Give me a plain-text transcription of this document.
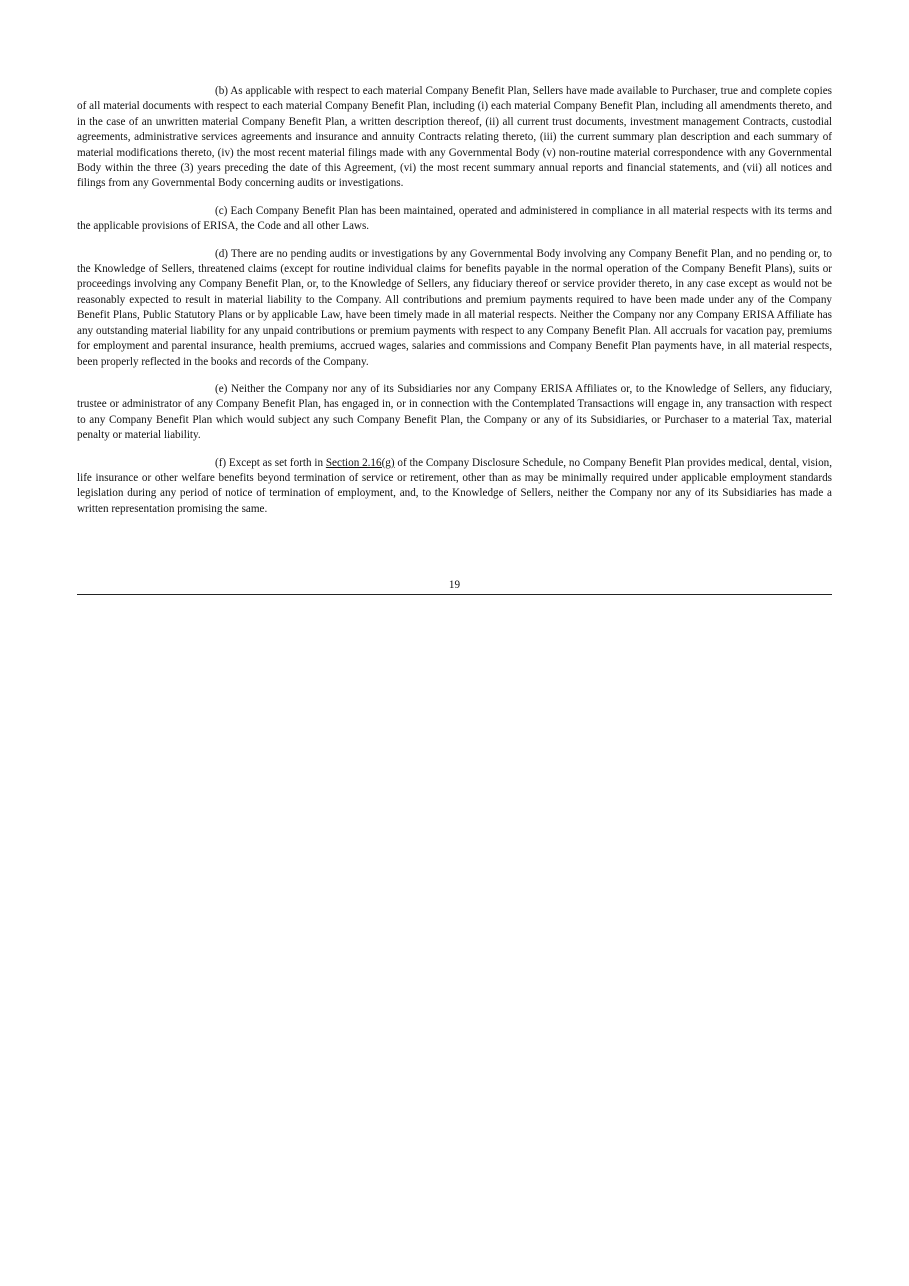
(b) As applicable with respect to each material Company Benefit Plan, Sellers have made available to Purchaser, true and complete copies of all material documents with respect to each material Company Benefit Plan, including (i) each material Company Benefit Plan, including all amendments thereto, and in the case of an unwritten material Company Benefit Plan, a written description thereof, (ii) all current trust documents, investment management Contracts, custodial agreements, administrative services agreements and insurance and annuity Contracts relating thereto, (iii) the current summary plan description and each summary of material modifications thereto, (iv) the most recent material filings made with any Governmental Body (v) non-routine material correspondence with any Governmental Body within the three (3) years preceding the date of this Agreement, (vi) the most recent summary annual reports and financial statements, and (vii) all notices and filings from any Governmental Body concerning audits or investigations.

(c) Each Company Benefit Plan has been maintained, operated and administered in compliance in all material respects with its terms and the applicable provisions of ERISA, the Code and all other Laws.

(d) There are no pending audits or investigations by any Governmental Body involving any Company Benefit Plan, and no pending or, to the Knowledge of Sellers, threatened claims (except for routine individual claims for benefits payable in the normal operation of the Company Benefit Plans), suits or proceedings involving any Company Benefit Plan, or, to the Knowledge of Sellers, any fiduciary thereof or service provider thereto, in any case except as would not be reasonably expected to result in material liability to the Company. All contributions and premium payments required to have been made under any of the Company Benefit Plans, Public Statutory Plans or by applicable Law, have been timely made in all material respects. Neither the Company nor any Company ERISA Affiliate has any outstanding material liability for any unpaid contributions or premium payments with respect to any Company Benefit Plan. All accruals for vacation pay, premiums for employment and parental insurance, health premiums, accrued wages, salaries and commissions and Company Benefit Plan payments have, in all material respects, been properly reflected in the books and records of the Company.

(e) Neither the Company nor any of its Subsidiaries nor any Company ERISA Affiliates or, to the Knowledge of Sellers, any fiduciary, trustee or administrator of any Company Benefit Plan, has engaged in, or in connection with the Contemplated Transactions will engage in, any transaction with respect to any Company Benefit Plan which would subject any such Company Benefit Plan, the Company or any of its Subsidiaries, or Purchaser to a material Tax, material penalty or material liability.

(f) Except as set forth in Section 2.16(g) of the Company Disclosure Schedule, no Company Benefit Plan provides medical, dental, vision, life insurance or other welfare benefits beyond termination of service or retirement, other than as may be minimally required under applicable employment standards legislation during any period of notice of termination of employment, and, to the Knowledge of Sellers, neither the Company nor any of its Subsidiaries has made a written representation promising the same.

19
